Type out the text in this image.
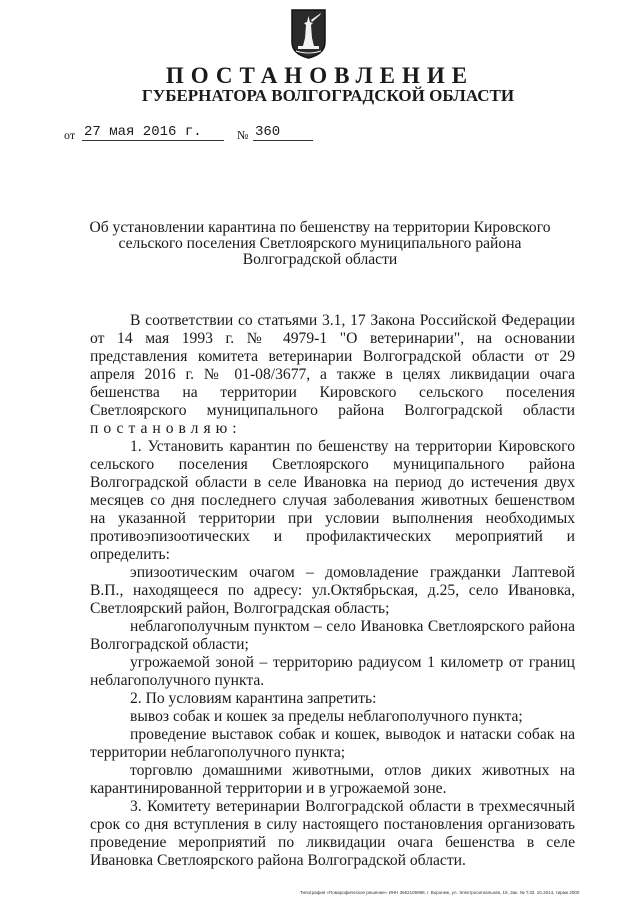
ПОСТАНОВЛЕНИЕ
ГУБЕРНАТОРА ВОЛГОГРАДСКОЙ ОБЛАСТИ
от 27 мая 2016 г.	№ 360
Об установлении карантина по бешенству на территории Кировского
сельского поселения Светлоярского муниципального района
Волгоградской области

В соответствии со статьями 3.1, 17 Закона Российской Федерации от 14 мая 1993 г. № 4979-1 "О ветеринарии", на основании представления комитета ветеринарии Волгоградской области от 29 апреля 2016 г. № 01-08/3677, а также в целях ликвидации очага бешенства на территории Кировского сельского поселения Светлоярского муниципального района Волгоградской области постановляю:

1. Установить карантин по бешенству на территории Кировского сельского поселения Светлоярского муниципального района Волгоградской области в селе Ивановка на период до истечения двух месяцев со дня последнего случая заболевания животных бешенством на указанной территории при условии выполнения необходимых противоэпизоотических и профилактических мероприятий и определить:

эпизоотическим очагом – домовладение гражданки Лаптевой В.П., находящееся по адресу: ул.Октябрьская, д.25, село Ивановка, Светлоярский район, Волгоградская область;

неблагополучным пунктом – село Ивановка Светлоярского района Волгоградской области;

угрожаемой зоной – территорию радиусом 1 километр от границ неблагополучного пункта.

2. По условиям карантина запретить:

вывоз собак и кошек за пределы неблагополучного пункта;

проведение выставок собак и кошек, выводок и натаски собак на территории неблагополучного пункта;

торговлю домашними животными, отлов диких животных на карантинированной территории и в угрожаемой зоне.

3. Комитету ветеринарии Волгоградской области в трехмесячный срок со дня вступления в силу настоящего постановления организовать проведение мероприятий по ликвидации очага бешенства в селе Ивановка Светлоярского района Волгоградской области.

Типография «Поварофическое решение» ИНН 3662106998, г. Воронеж, ул. Электросигнальная, 19, Зак. № Т.33. 10.2014, тираж 2000
